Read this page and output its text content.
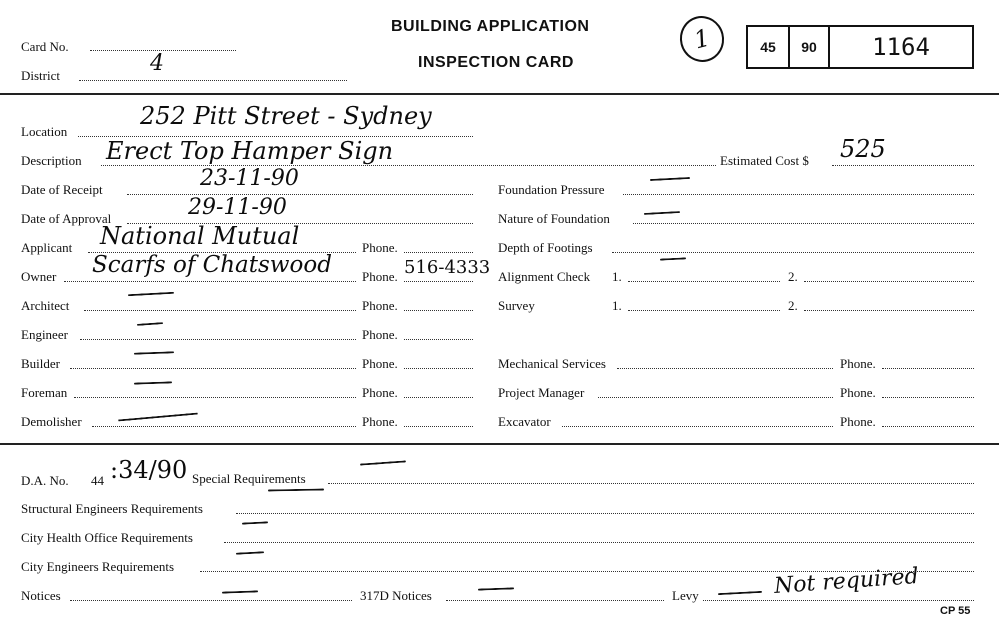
Card No.
District	4
BUILDING APPLICATION
INSPECTION CARD
1	45	90	1164
Location
252 Pitt Street - Sydney
Description Erect Top Hamper Sign	Estimated Cost $ 525
Date of Receipt	23-11-90
Date of Approval	29-11-90
Applicant National Mutual	Phone.
Owner Scarfs of Chatswood Phone. 516-4333
Architect	Phone.
Engineer	Phone.
Builder	Phone.
Foreman	Phone.
Demolisher	Phone.
Foundation Pressure
Nature of Foundation
Depth of Footings
Alignment Check 1.	2.
Survey	1.	2.
Mechanical Services	Phone.
Project Manager	Phone.
Excavator	Phone.
D.A. No. 44 :34/90 Special Requirements
Structural Engineers Requirements
City Health Office Requirements
City Engineers Requirements
Notices	317D Notices	Levy	Not required
CP 55
